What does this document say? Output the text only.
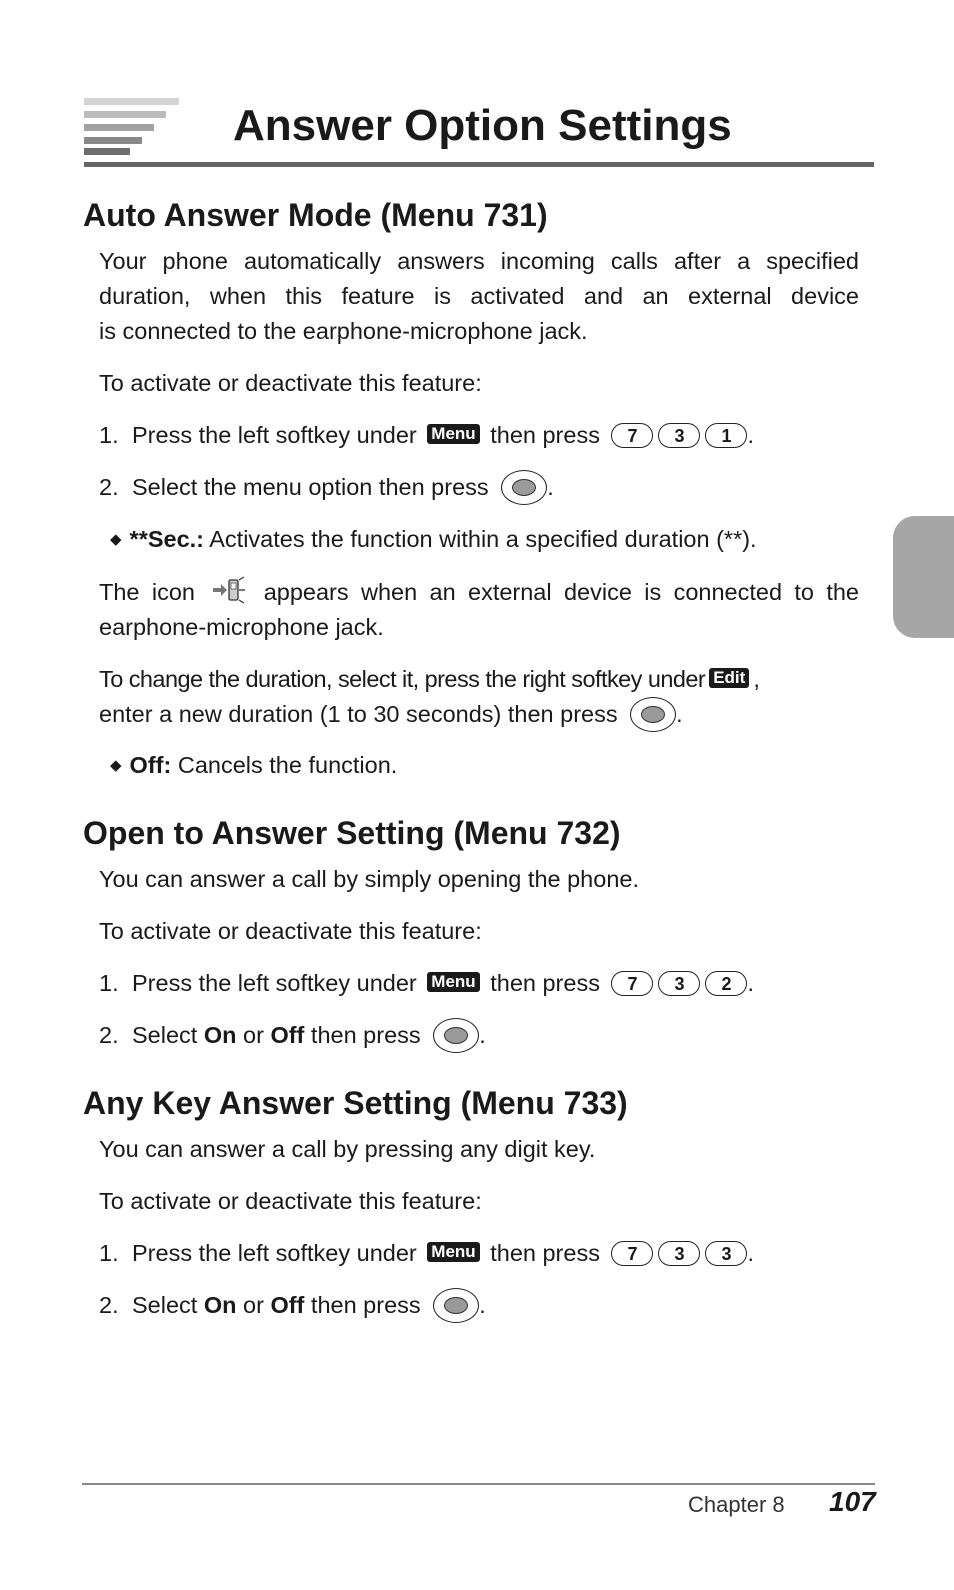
Answer Option Settings
Auto Answer Mode (Menu 731)
Your phone automatically answers incoming calls after a specified
duration, when this feature is activated and an external device
is connected to the earphone-microphone jack.
To activate or deactivate this feature:
1. Press the left softkey under Menu then press 7 3 1 .
2. Select the menu option then press .
◆ **Sec.: Activates the function within a specified duration (**).
The icon	appears when an external device is connected to the
earphone-microphone jack.
To change the duration, select it, press the right softkey under Edit ,
enter a new duration (1 to 30 seconds) then press .
◆ Off: Cancels the function.
Open to Answer Setting (Menu 732)
You can answer a call by simply opening the phone.
To activate or deactivate this feature:
1. Press the left softkey under Menu then press 7 3 2 .
2. Select On or Off then press .
Any Key Answer Setting (Menu 733)
You can answer a call by pressing any digit key.
To activate or deactivate this feature:
1. Press the left softkey under Menu then press 7 3 3 .
2. Select On or Off then press .
Chapter 8 107
